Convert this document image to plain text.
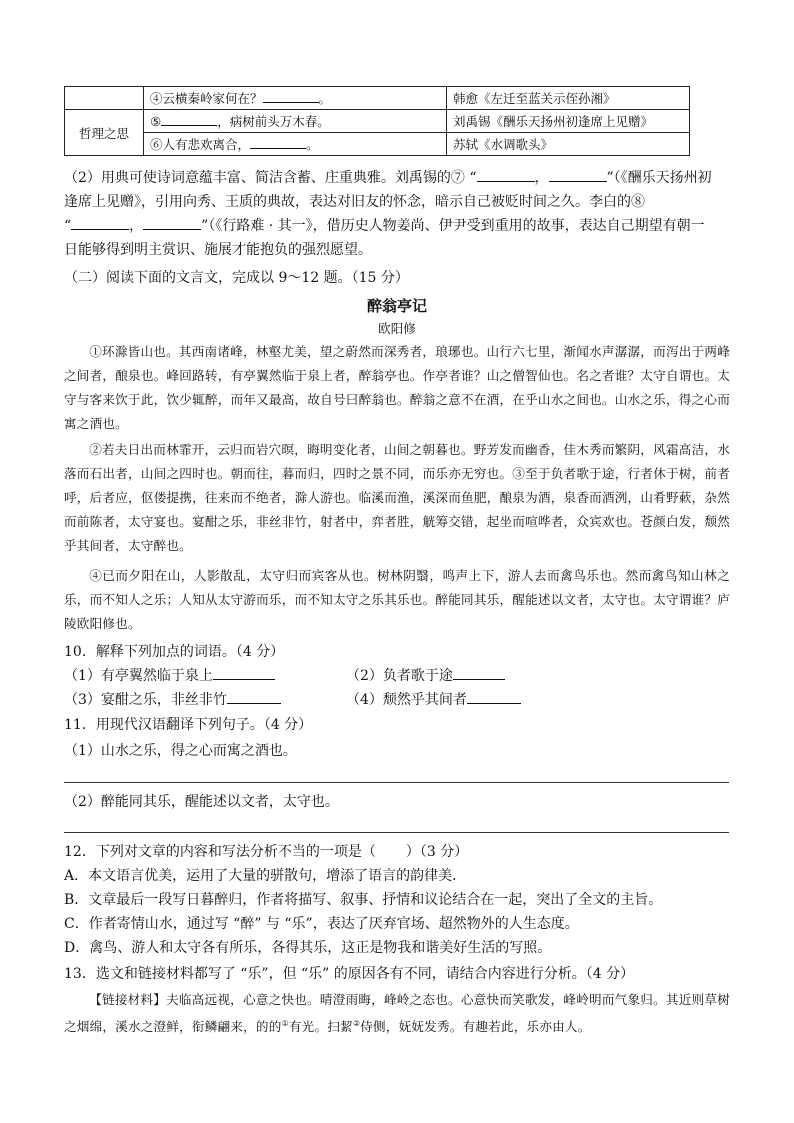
	④云横秦岭家何在？ 。	韩愈《左迁至蓝关示侄孙湘》
哲理之思	⑤ ，病树前头万木春。	刘禹锡《酬乐天扬州初逢席上见赠》
	⑥人有悲欢离合， 。	苏轼《水调歌头》
（2）用典可使诗词意蕴丰富、简洁含蓄、庄重典雅。刘禹锡的⑦ “	，	”（《酬乐天扬州初
逢席上见赠》，引用向秀、王质的典故，表达对旧友的怀念，暗示自己被贬时间之久。李白的⑧
“	，	”（《行路难 · 其一》，借历史人物姜尚、伊尹受到重用的故事，表达自己期望有朝一
日能够得到明主赏识、施展才能抱负的强烈愿望。
（二）阅读下面的文言文，完成以 9～12 题。（15 分）
醉翁亭记
欧阳修
①环滁皆山也。其西南诸峰，林壑尤美，望之蔚然而深秀者，琅琊也。山行六七里，渐闻水声潺潺，而泻出于两峰之间者，酿泉也。峰回路转，有亭翼然临于泉上者，醉翁亭也。作亭者谁？山之僧智仙也。名之者谁？太守自谓也。太守与客来饮于此，饮少辄醉，而年又最高，故自号曰醉翁也。醉翁之意不在酒，在乎山水之间也。山水之乐，得之心而寓之酒也。
②若夫日出而林霏开，云归而岩穴暝，晦明变化者，山间之朝暮也。野芳发而幽香，佳木秀而繁阴，风霜高洁，水落而石出者，山间之四时也。朝而往，暮而归，四时之景不同，而乐亦无穷也。③至于负者歌于途，行者休于树，前者呼，后者应，伛偻提携，往来而不绝者，滁人游也。临溪而渔，溪深而鱼肥，酿泉为酒，泉香而酒洌，山肴野蔌，杂然而前陈者，太守宴也。宴酣之乐，非丝非竹，射者中，弈者胜，觥筹交错，起坐而喧哗者，众宾欢也。苍颜白发，颓然乎其间者，太守醉也。
④已而夕阳在山，人影散乱，太守归而宾客从也。树林阴翳，鸣声上下，游人去而禽鸟乐也。然而禽鸟知山林之乐，而不知人之乐；人知从太守游而乐，而不知太守之乐其乐也。醉能同其乐，醒能述以文者，太守也。太守谓谁？庐陵欧阳修也。
10．解释下列加点的词语。（4 分）
（1）有亭翼然临于泉上	（2）负者歌于途
（3）宴酣之乐，非丝非竹	（4）颓然乎其间者
11．用现代汉语翻译下列句子。（4 分）
（1）山水之乐，得之心而寓之酒也。
（2）醉能同其乐，醒能述以文者，太守也。
12．下列对文章的内容和写法分析不当的一项是（ ）（3 分）
A．本文语言优美，运用了大量的骈散句，增添了语言的韵律美．
B．文章最后一段写日暮醉归，作者将描写、叙事、抒情和议论结合在一起，突出了全文的主旨。
C．作者寄情山水，通过写 “醉” 与 “乐”，表达了厌弃官场、超然物外的人生态度。
D．禽鸟、游人和太守各有所乐，各得其乐，这正是物我和谐美好生活的写照。
13．选文和链接材料都写了 “乐”，但 “乐” 的原因各有不同，请结合内容进行分析。（4 分）
【链接材料】夫临高远视，心意之快也。晴澄雨晦，峰岭之态也。心意快而笑歌发，峰岭明而气象归。其近则草树之烟绵，溪水之澄鲜，衔鳞翩来，的的①有光。扫絜②侍侧，妩妩发秀。有趣若此，乐亦由人。
